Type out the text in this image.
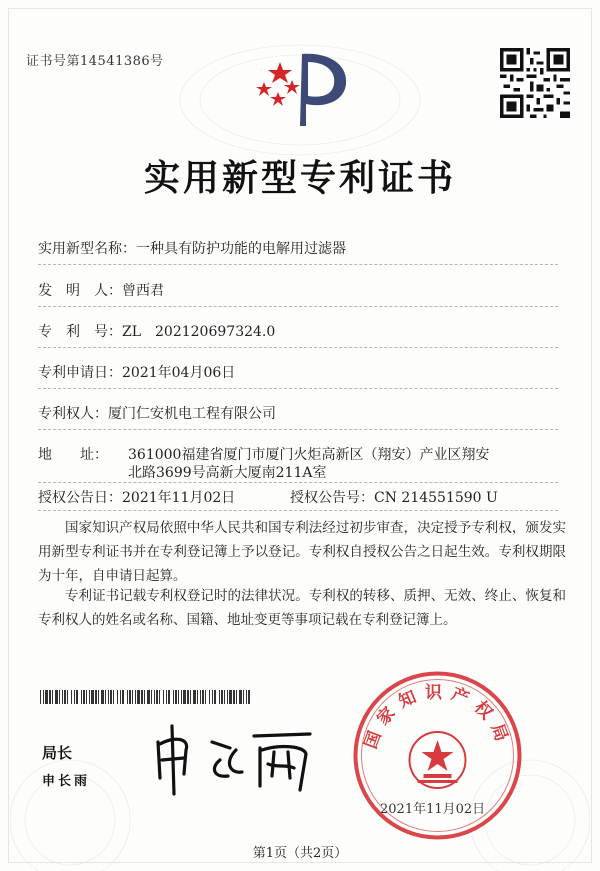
证书号第14541386号
实用新型专利证书
实用新型名称：一种具有防护功能的电解用过滤器
发　明　人：曾西君
专　利　号：ZL　202120697324.0
专利申请日：2021年04月06日
专利权人：厦门仁安机电工程有限公司
地　　址： 361000福建省厦门市厦门火炬高新区（翔安）产业区翔安
北路3699号高新大厦南211A室
授权公告日：2021年11月02日	授权公告号：CN 214551590 U
国家知识产权局依照中华人民共和国专利法经过初步审查，决定授予专利权，颁发实用新型专利证书并在专利登记簿上予以登记。专利权自授权公告之日起生效。专利权期限为十年，自申请日起算。
专利证书记载专利权登记时的法律状况。专利权的转移、质押、无效、终止、恢复和专利权人的姓名或名称、国籍、地址变更等事项记载在专利登记簿上。
局长
申长雨
国家知识产权局
2021年11月02日
第1页（共2页）
